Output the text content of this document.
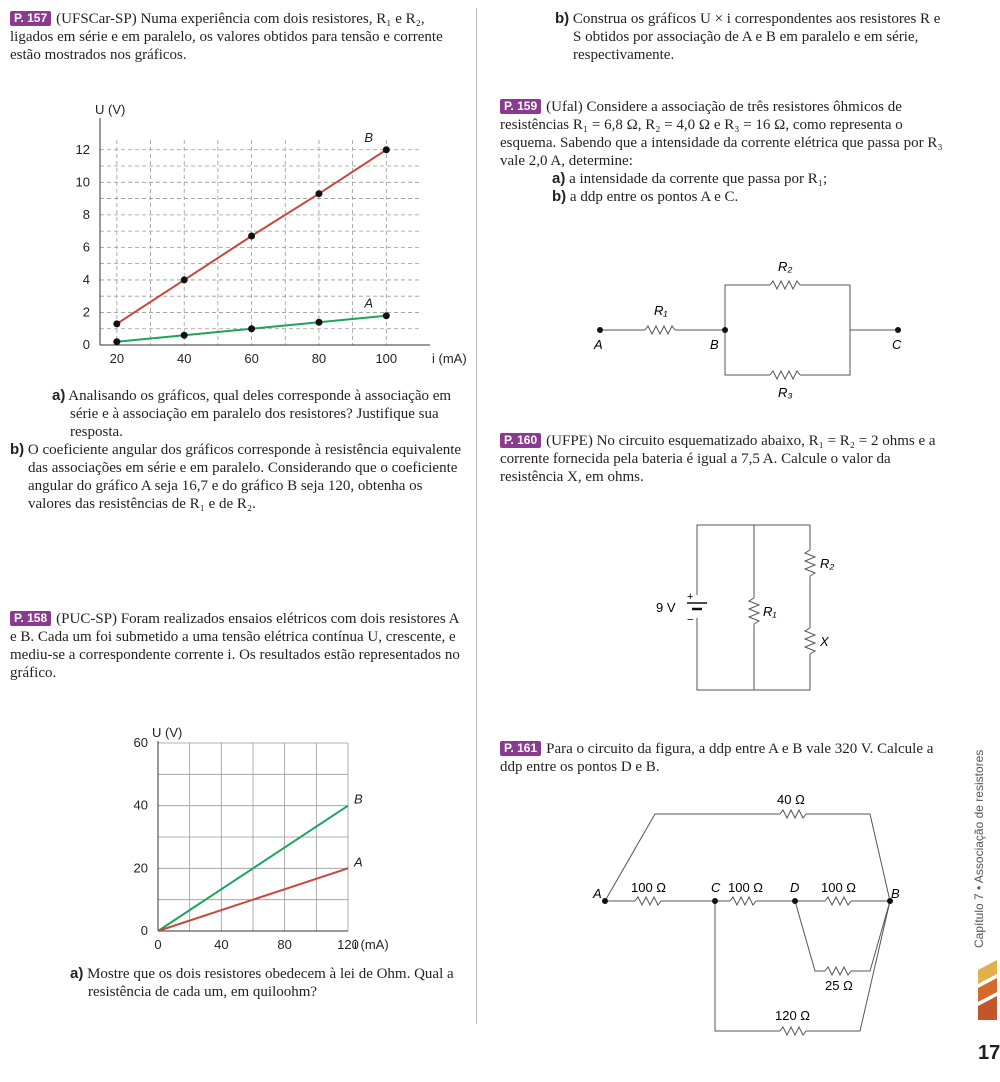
P. 157 (UFSCar-SP) Numa experiência com dois resistores, R₁ e R₂, ligados em série e em paralelo, os valores obtidos para tensão e corrente estão mostrados nos gráficos.

20	40	60	80	100
0
2
4
6
8
10
12
i (mA)
U (V)
B
A

a) Analisando os gráficos, qual deles corresponde à associação em série e à associação em paralelo dos resistores? Justifique sua resposta.

b) O coeficiente angular dos gráficos corresponde à resistência equivalente das associações em série e em paralelo. Considerando que o coeficiente angular do gráfico A seja 16,7 e do gráfico B seja 120, obtenha os valores das resistências de R₁ e de R₂.

P. 158 (PUC-SP) Foram realizados ensaios elétricos com dois resistores A e B. Cada um foi submetido a uma tensão elétrica contínua U, crescente, e mediu-se a correspondente corrente i. Os resultados estão representados no gráfico.

0	40	80	120
0
20
40
60
i (mA)
U (V)
B
A

a) Mostre que os dois resistores obedecem à lei de Ohm. Qual a resistência de cada um, em quiloohm?

b) Construa os gráficos U × i correspondentes aos resistores R e S obtidos por associação de A e B em paralelo e em série, respectivamente.

P. 159 (Ufal) Considere a associação de três resistores ôhmicos de resistências R₁ = 6,8 Ω, R₂ = 4,0 Ω e R₃ = 16 Ω, como representa o esquema. Sabendo que a intensidade da corrente elétrica que passa por R₃ vale 2,0 A, determine:

a) a intensidade da corrente que passa por R₁;

b) a ddp entre os pontos A e C.

R₁
R₂
R₃
A	B	C

P. 160 (UFPE) No circuito esquematizado abaixo, R₁ = R₂ = 2 ohms e a corrente fornecida pela bateria é igual a 7,5 A. Calcule o valor da resistência X, em ohms.

9 V
+
−
R₁
R₂
X

P. 161 Para o circuito da figura, a ddp entre A e B vale 320 V. Calcule a ddp entre os pontos D e B.

40 Ω
100 Ω	100 Ω	100 Ω
25 Ω
120 Ω
A	C	D	B	Capítulo 7 • Associação de resistores
17
